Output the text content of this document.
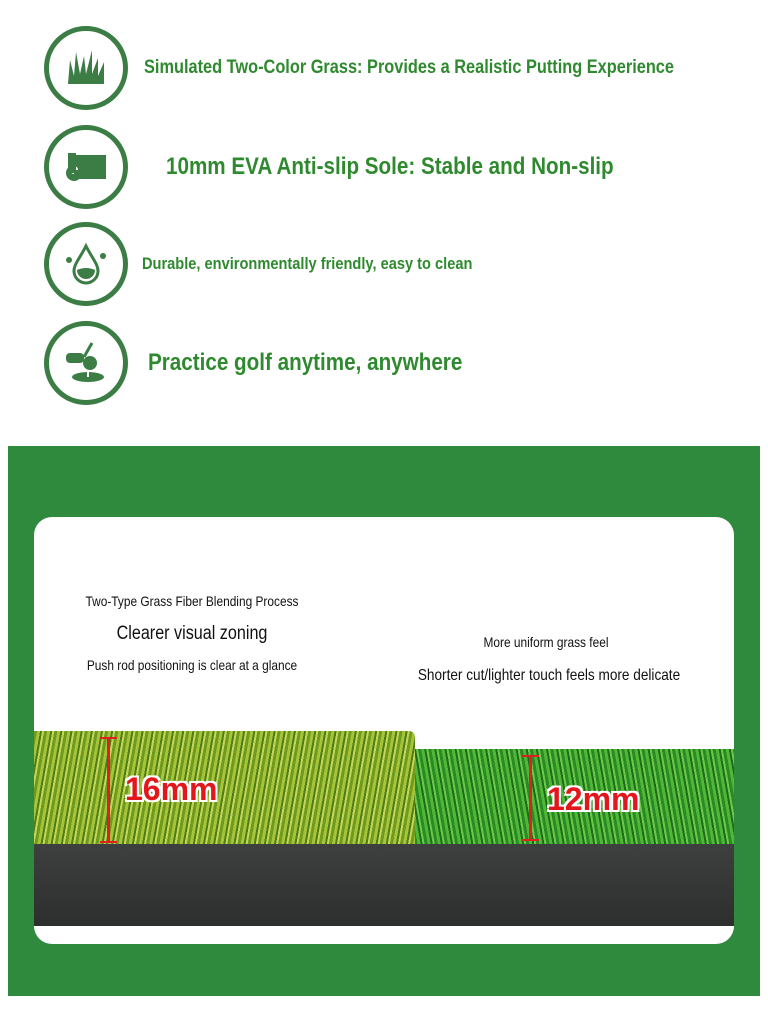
Simulated Two-Color Grass: Provides a Realistic Putting Experience
10mm EVA Anti-slip Sole: Stable and Non-slip
Durable, environmentally friendly, easy to clean
Practice golf anytime, anywhere
Two-Type Grass Fiber Blending Process
Clearer visual zoning
Push rod positioning is clear at a glance
More uniform grass feel
Shorter cut/lighter touch feels more delicate
16mm	12mm
